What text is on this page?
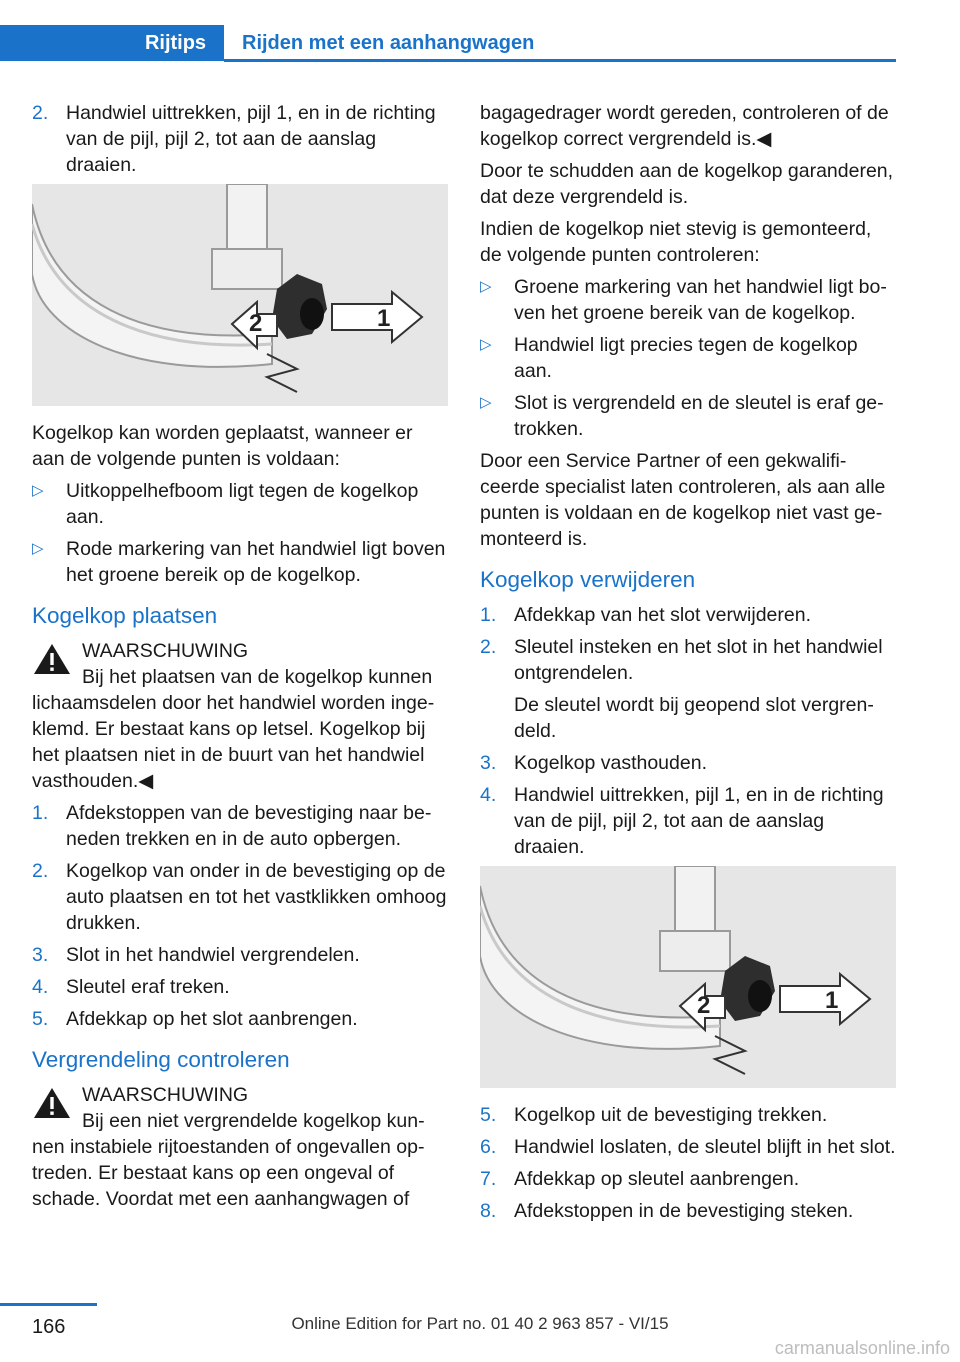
Rijtips	Rijden met een aanhangwagen
2. Handwiel uittrekken, pijl 1, en in de richting van de pijl, pijl 2, tot aan de aanslag draaien.
1
2

Kogelkop kan worden geplaatst, wanneer er aan de volgende punten is voldaan:

▷	Uitkoppelhefboom ligt tegen de kogelkop aan.
▷	Rode markering van het handwiel ligt boven het groene bereik op de kogelkop.
Kogelkop plaatsen
WAARSCHUWING
Bij het plaatsen van de kogelkop kunnen lichaamsdelen door het handwiel worden ingeklemd. Er bestaat kans op letsel. Kogelkop bij het plaatsen niet in de buurt van het handwiel vasthouden.◀
1. Afdekstoppen van de bevestiging naar beneden trekken en in de auto opbergen.
2. Kogelkop van onder in de bevestiging op de auto plaatsen en tot het vastklikken omhoog drukken.
3. Slot in het handwiel vergrendelen.
4. Sleutel eraf treken.
5. Afdekkap op het slot aanbrengen.
Vergrendeling controleren
WAARSCHUWING
Bij een niet vergrendelde kogelkop kunnen instabiele rijtoestanden of ongevallen optreden. Er bestaat kans op een ongeval of schade. Voordat met een aanhangwagen of

bagagedrager wordt gereden, controleren of de kogelkop correct vergrendeld is.◀

Door te schudden aan de kogelkop garanderen, dat deze vergrendeld is.

Indien de kogelkop niet stevig is gemonteerd, de volgende punten controleren:

▷	Groene markering van het handwiel ligt boven het groene bereik van de kogelkop.
▷	Handwiel ligt precies tegen de kogelkop aan.
▷	Slot is vergrendeld en de sleutel is eraf getrokken.

Door een Service Partner of een gekwalificeerde specialist laten controleren, als aan alle punten is voldaan en de kogelkop niet vast gemonteerd is.

Kogelkop verwijderen
1. Afdekkap van het slot verwijderen.
2. Sleutel insteken en het slot in het handwiel ontgrendelen.
De sleutel wordt bij geopend slot vergrendeld.
3. Kogelkop vasthouden.
4. Handwiel uittrekken, pijl 1, en in de richting van de pijl, pijl 2, tot aan de aanslag draaien.
1
2
5. Kogelkop uit de bevestiging trekken.
6. Handwiel loslaten, de sleutel blijft in het slot.
7. Afdekkap op sleutel aanbrengen.
8. Afdekstoppen in de bevestiging steken.
Online Edition for Part no. 01 40 2 963 857 - VI/15
166
carmanualsonline.info
